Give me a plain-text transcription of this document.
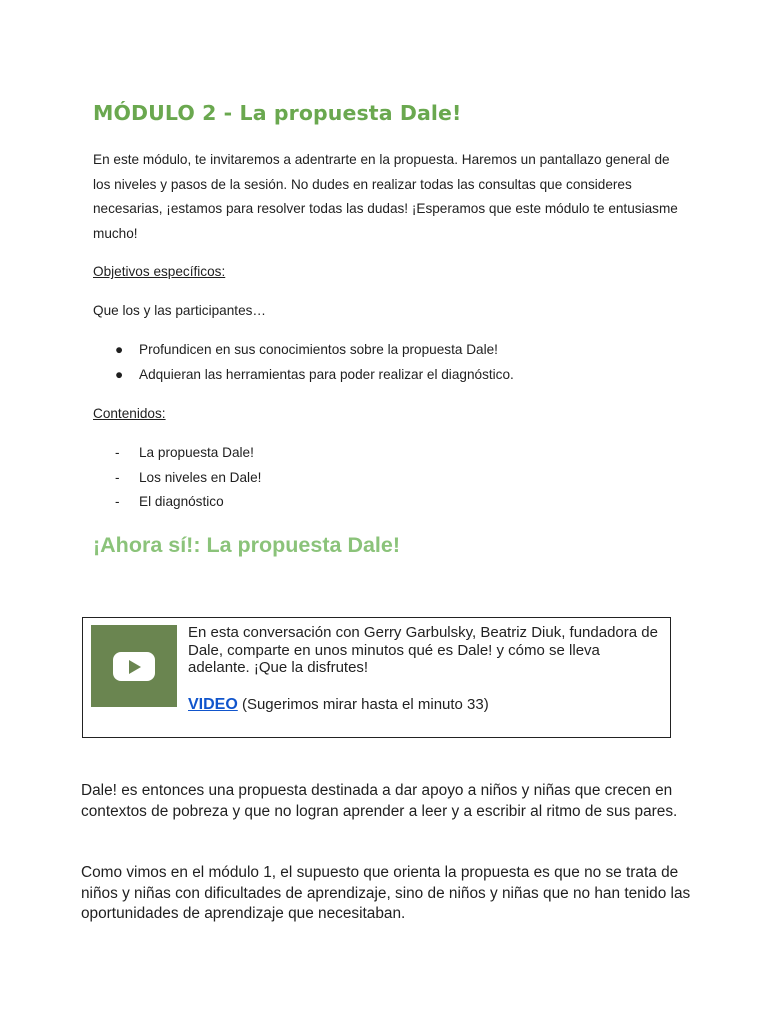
MÓDULO 2 - La propuesta Dale!

En este módulo, te invitaremos a adentrarte en la propuesta. Haremos un pantallazo general de los niveles y pasos de la sesión. No dudes en realizar todas las consultas que consideres necesarias, ¡estamos para resolver todas las dudas! ¡Esperamos que este módulo te entusiasme mucho!

Objetivos específicos:

Que los y las participantes…

● Profundicen en sus conocimientos sobre la propuesta Dale!
● Adquieran las herramientas para poder realizar el diagnóstico.

Contenidos:

- La propuesta Dale!
- Los niveles en Dale!
- El diagnóstico
¡Ahora sí!: La propuesta Dale!

En esta conversación con Gerry Garbulsky, Beatriz Diuk, fundadora de Dale, comparte en unos minutos qué es Dale! y cómo se lleva adelante. ¡Que la disfrutes!

VIDEO (Sugerimos mirar hasta el minuto 33)

Dale! es entonces una propuesta destinada a dar apoyo a niños y niñas que crecen en contextos de pobreza y que no logran aprender a leer y a escribir al ritmo de sus pares.

Como vimos en el módulo 1, el supuesto que orienta la propuesta es que no se trata de niños y niñas con dificultades de aprendizaje, sino de niños y niñas que no han tenido las oportunidades de aprendizaje que necesitaban.
